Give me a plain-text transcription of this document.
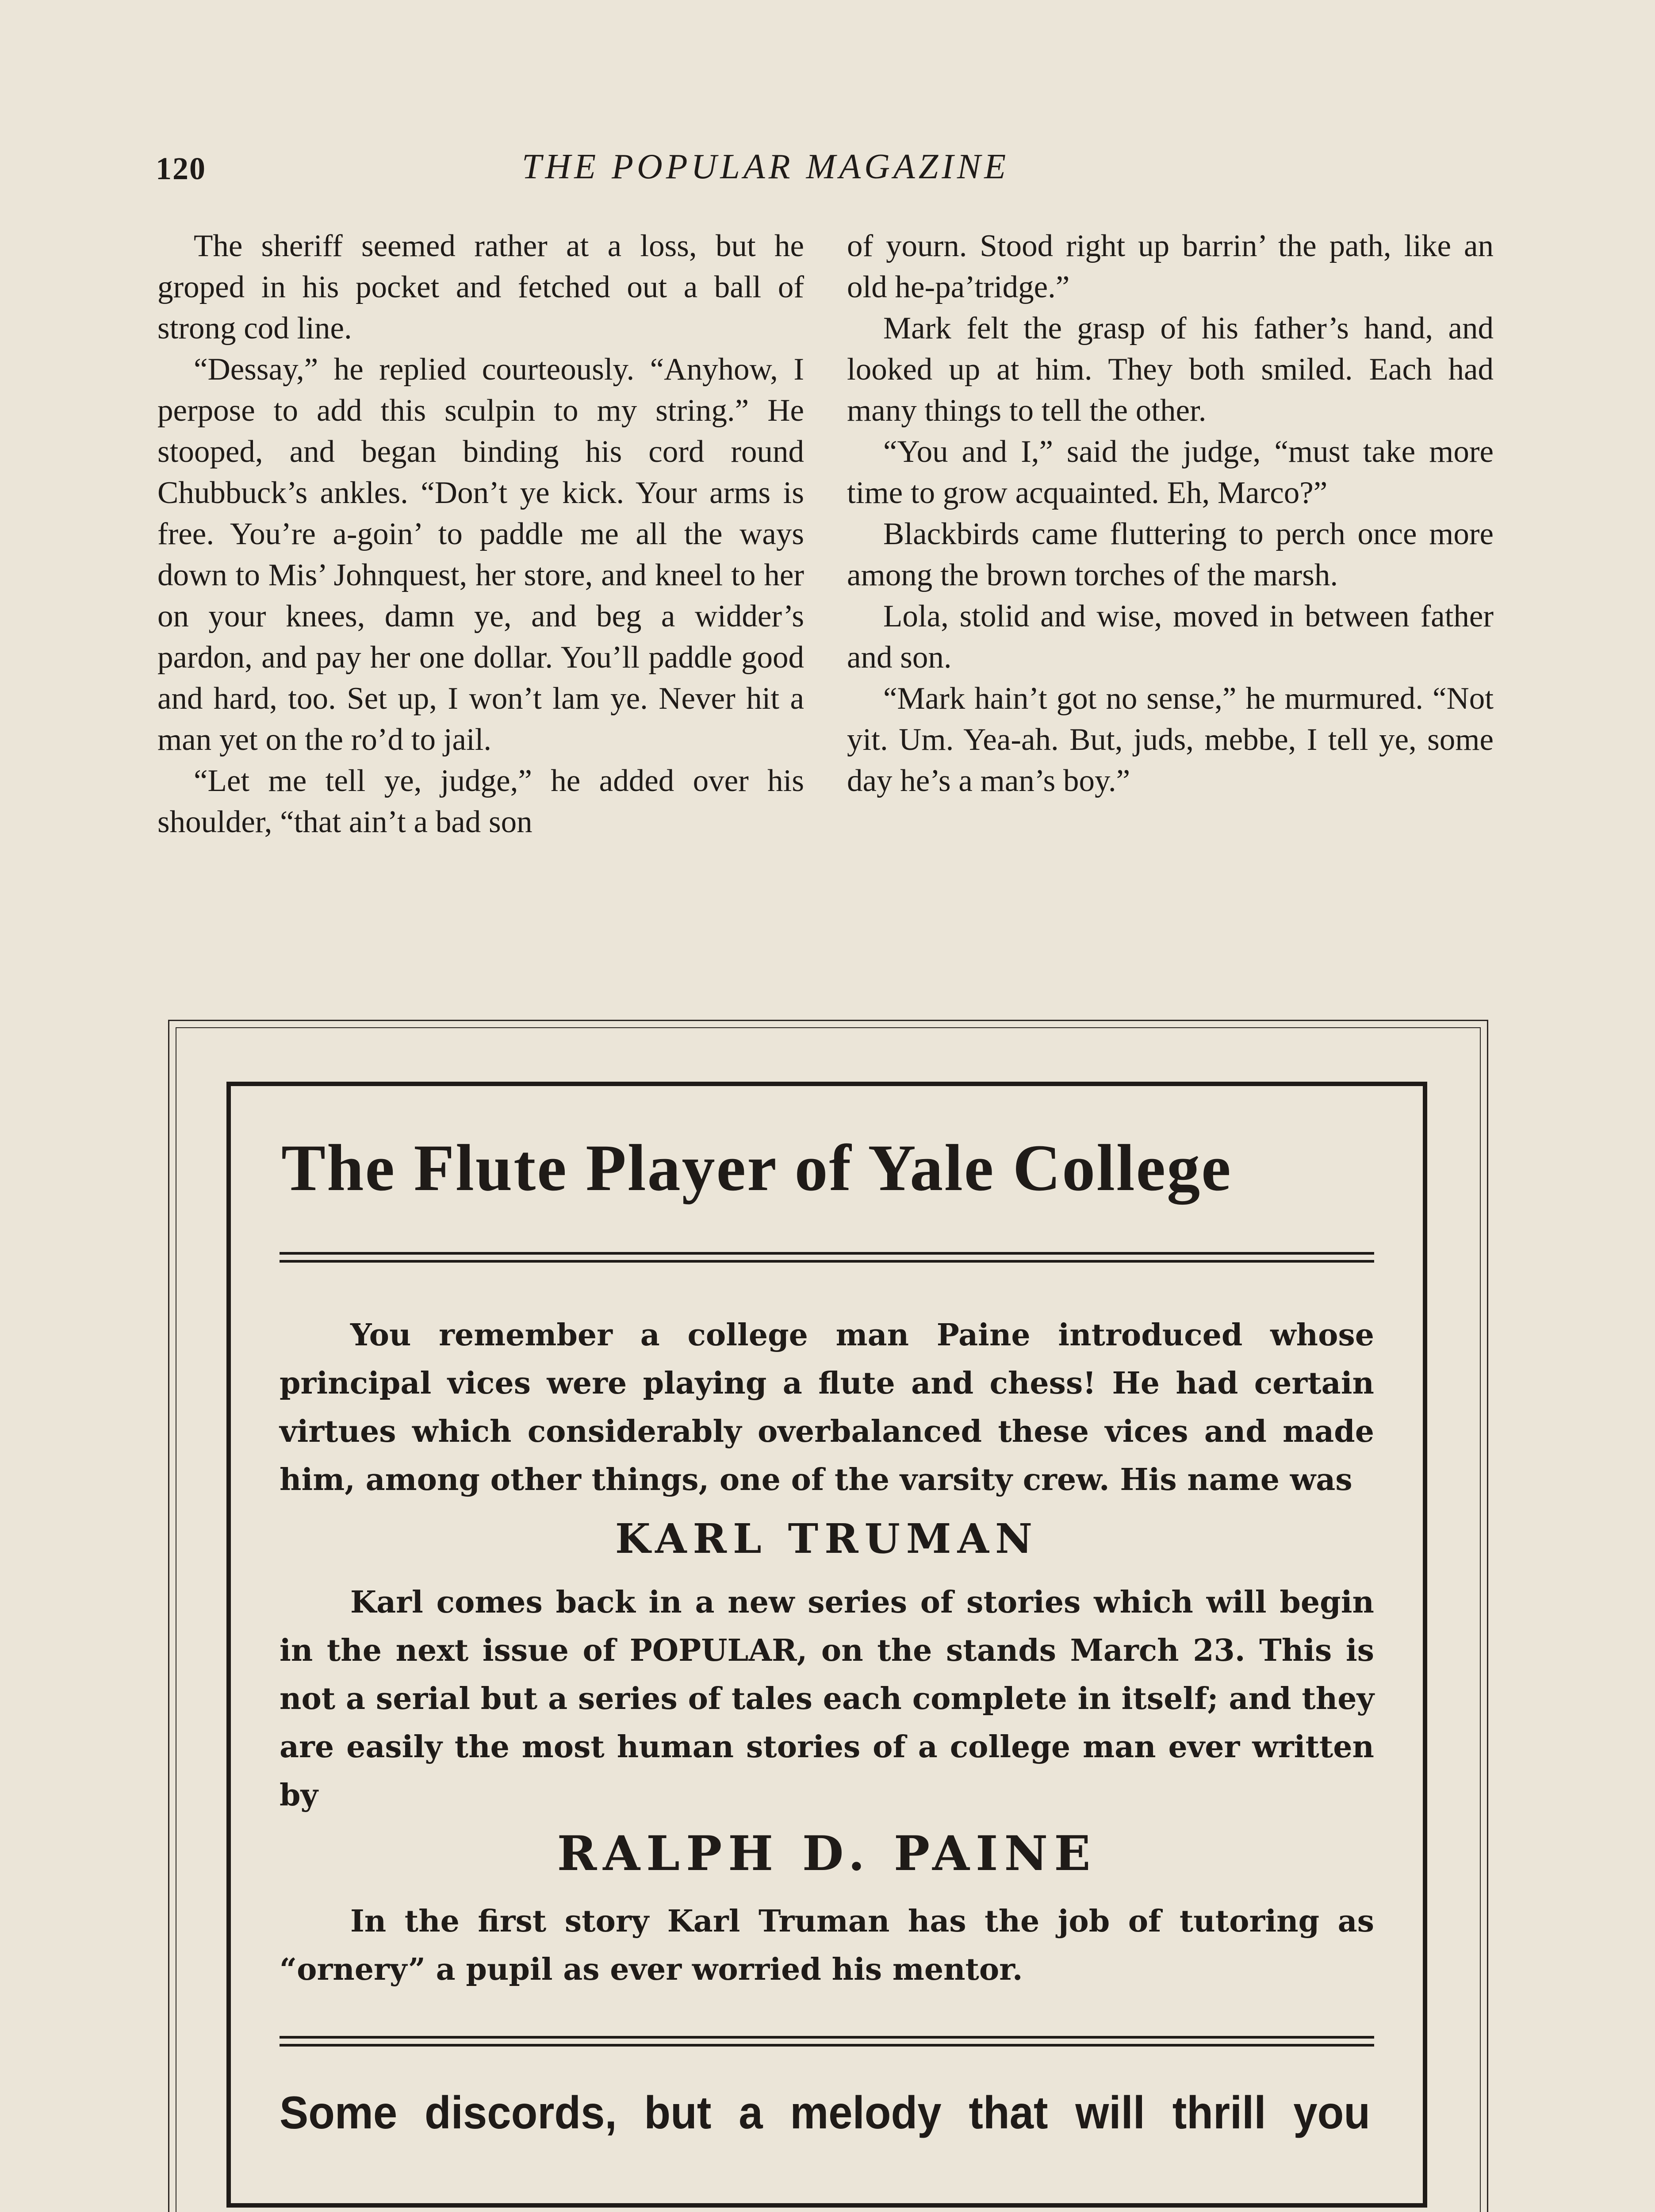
120	THE POPULAR MAGAZINE

The sheriff seemed rather at a loss, but he groped in his pocket and fetched out a ball of strong cod line.

“Dessay,” he replied courteously. “Anyhow, I perpose to add this sculpin to my string.” He stooped, and began binding his cord round Chubbuck’s ankles. “Don’t ye kick. Your arms is free. You’re a-goin’ to paddle me all the ways down to Mis’ Johnquest, her store, and kneel to her on your knees, damn ye, and beg a widder’s pardon, and pay her one dollar. You’ll paddle good and hard, too. Set up, I won’t lam ye. Never hit a man yet on the ro’d to jail.

“Let me tell ye, judge,” he added over his shoulder, “that ain’t a bad son

of yourn. Stood right up barrin’ the path, like an old he-pa’tridge.”

Mark felt the grasp of his father’s hand, and looked up at him. They both smiled. Each had many things to tell the other.

“You and I,” said the judge, “must take more time to grow acquainted. Eh, Marco?”

Blackbirds came fluttering to perch once more among the brown torches of the marsh.

Lola, stolid and wise, moved in between father and son.

“Mark hain’t got no sense,” he murmured. “Not yit. Um. Yea-ah. But, juds, mebbe, I tell ye, some day he’s a man’s boy.”

The Flute Player of Yale College

You remember a college man Paine introduced whose principal vices were playing a flute and chess! He had certain virtues which considerably overbalanced these vices and made him, among other things, one of the varsity crew. His name was

KARL TRUMAN

Karl comes back in a new series of stories which will begin in the next issue of POPULAR, on the stands March 23. This is not a serial but a series of tales each complete in itself; and they are easily the most human stories of a college man ever written by

RALPH D. PAINE

In the first story Karl Truman has the job of tutoring as “ornery” a pupil as ever worried his mentor.

Some discords, but a melody that will thrill you
